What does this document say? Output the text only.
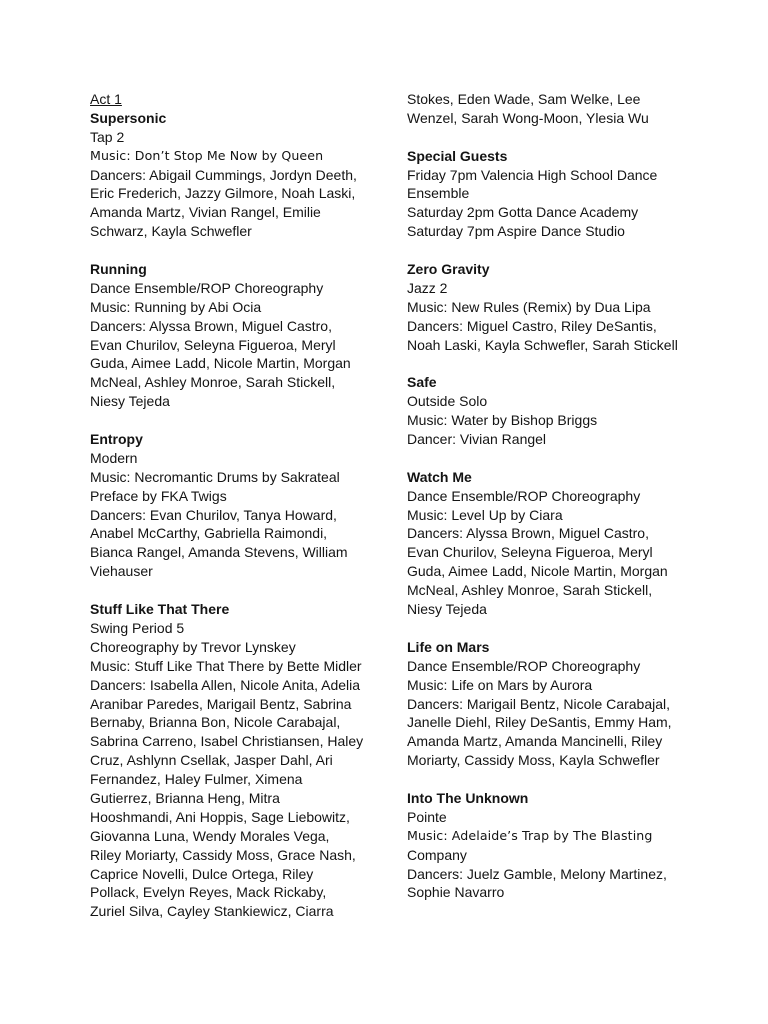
Act 1
Supersonic
Tap 2
Music: Don’t Stop Me Now by Queen
Dancers: Abigail Cummings, Jordyn Deeth,
Eric Frederich, Jazzy Gilmore, Noah Laski,
Amanda Martz, Vivian Rangel, Emilie
Schwarz, Kayla Schwefler
Running
Dance Ensemble/ROP Choreography
Music: Running by Abi Ocia
Dancers: Alyssa Brown, Miguel Castro,
Evan Churilov, Seleyna Figueroa, Meryl
Guda, Aimee Ladd, Nicole Martin, Morgan
McNeal, Ashley Monroe, Sarah Stickell,
Niesy Tejeda
Entropy
Modern
Music: Necromantic Drums by Sakrateal
Preface by FKA Twigs
Dancers: Evan Churilov, Tanya Howard,
Anabel McCarthy, Gabriella Raimondi,
Bianca Rangel, Amanda Stevens, William
Viehauser
Stuff Like That There
Swing Period 5
Choreography by Trevor Lynskey
Music: Stuff Like That There by Bette Midler
Dancers: Isabella Allen, Nicole Anita, Adelia
Aranibar Paredes, Marigail Bentz, Sabrina
Bernaby, Brianna Bon, Nicole Carabajal,
Sabrina Carreno, Isabel Christiansen, Haley
Cruz, Ashlynn Csellak, Jasper Dahl, Ari
Fernandez, Haley Fulmer, Ximena
Gutierrez, Brianna Heng, Mitra
Hooshmandi, Ani Hoppis, Sage Liebowitz,
Giovanna Luna, Wendy Morales Vega,
Riley Moriarty, Cassidy Moss, Grace Nash,
Caprice Novelli, Dulce Ortega, Riley
Pollack, Evelyn Reyes, Mack Rickaby,
Zuriel Silva, Cayley Stankiewicz, Ciarra
Stokes, Eden Wade, Sam Welke, Lee
Wenzel, Sarah Wong-Moon, Ylesia Wu
Special Guests
Friday 7pm Valencia High School Dance
Ensemble
Saturday 2pm Gotta Dance Academy
Saturday 7pm Aspire Dance Studio
Zero Gravity
Jazz 2
Music: New Rules (Remix) by Dua Lipa
Dancers: Miguel Castro, Riley DeSantis,
Noah Laski, Kayla Schwefler, Sarah Stickell
Safe
Outside Solo
Music: Water by Bishop Briggs
Dancer: Vivian Rangel
Watch Me
Dance Ensemble/ROP Choreography
Music: Level Up by Ciara
Dancers: Alyssa Brown, Miguel Castro,
Evan Churilov, Seleyna Figueroa, Meryl
Guda, Aimee Ladd, Nicole Martin, Morgan
McNeal, Ashley Monroe, Sarah Stickell,
Niesy Tejeda
Life on Mars
Dance Ensemble/ROP Choreography
Music: Life on Mars by Aurora
Dancers: Marigail Bentz, Nicole Carabajal,
Janelle Diehl, Riley DeSantis, Emmy Ham,
Amanda Martz, Amanda Mancinelli, Riley
Moriarty, Cassidy Moss, Kayla Schwefler
Into The Unknown
Pointe
Music: Adelaide’s Trap by The Blasting
Company
Dancers: Juelz Gamble, Melony Martinez,
Sophie Navarro
